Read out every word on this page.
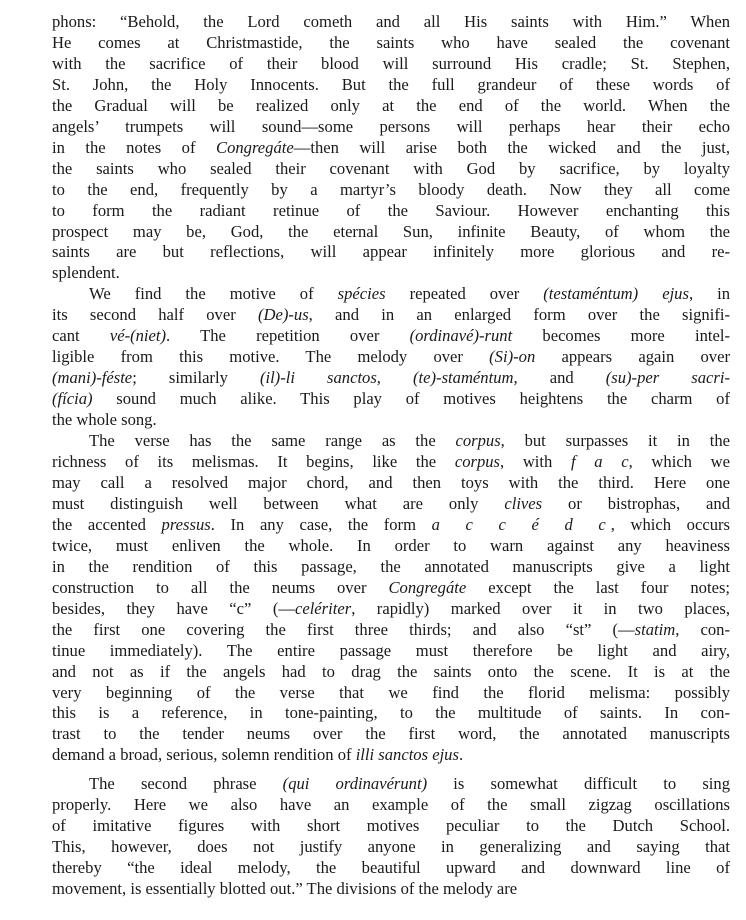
phons: “Behold, the Lord cometh and all His saints with Him.” When
He comes at Christmastide, the saints who have sealed the covenant
with the sacrifice of their blood will surround His cradle; St. Stephen,
St. John, the Holy Innocents. But the full grandeur of these words of
the Gradual will be realized only at the end of the world. When the
angels’ trumpets will sound—some persons will perhaps hear their echo
in the notes of Congregáte—then will arise both the wicked and the just,
the saints who sealed their covenant with God by sacrifice, by loyalty
to the end, frequently by a martyr’s bloody death. Now they all come
to form the radiant retinue of the Saviour. However enchanting this
prospect may be, God, the eternal Sun, infinite Beauty, of whom the
saints are but reflections, will appear infinitely more glorious and re-
splendent.

We find the motive of spécies repeated over (testaméntum) ejus, in
its second half over (De)-us, and in an enlarged form over the signifi-
cant vé-(niet). The repetition over (ordinavé)-runt becomes more intel-
ligible from this motive. The melody over (Si)-on appears again over
(mani)-féste; similarly (il)-li sanctos, (te)-staméntum, and (su)-per sacri-
(fícia) sound much alike. This play of motives heightens the charm of
the whole song.

The verse has the same range as the corpus, but surpasses it in the
richness of its melismas. It begins, like the corpus, with f a c, which we
may call a resolved major chord, and then toys with the third. Here one
must distinguish well between what are only clives or bistrophas, and
the accented pressus. In any case, the form a c c é d c, which occurs
twice, must enliven the whole. In order to warn against any heaviness
in the rendition of this passage, the annotated manuscripts give a light
construction to all the neums over Congregáte except the last four notes;
besides, they have “c” (—celériter, rapidly) marked over it in two places,
the first one covering the first three thirds; and also “st” (—statim, con-
tinue immediately). The entire passage must therefore be light and airy,
and not as if the angels had to drag the saints onto the scene. It is at the
very beginning of the verse that we find the florid melisma: possibly
this is a reference, in tone-painting, to the multitude of saints. In con-
trast to the tender neums over the first word, the annotated manuscripts
demand a broad, serious, solemn rendition of illi sanctos ejus.

The second phrase (qui ordinavérunt) is somewhat difficult to sing
properly. Here we also have an example of the small zigzag oscillations
of imitative figures with short motives peculiar to the Dutch School.
This, however, does not justify anyone in generalizing and saying that
thereby “the ideal melody, the beautiful upward and downward line of
movement, is essentially blotted out.” The divisions of the melody are
